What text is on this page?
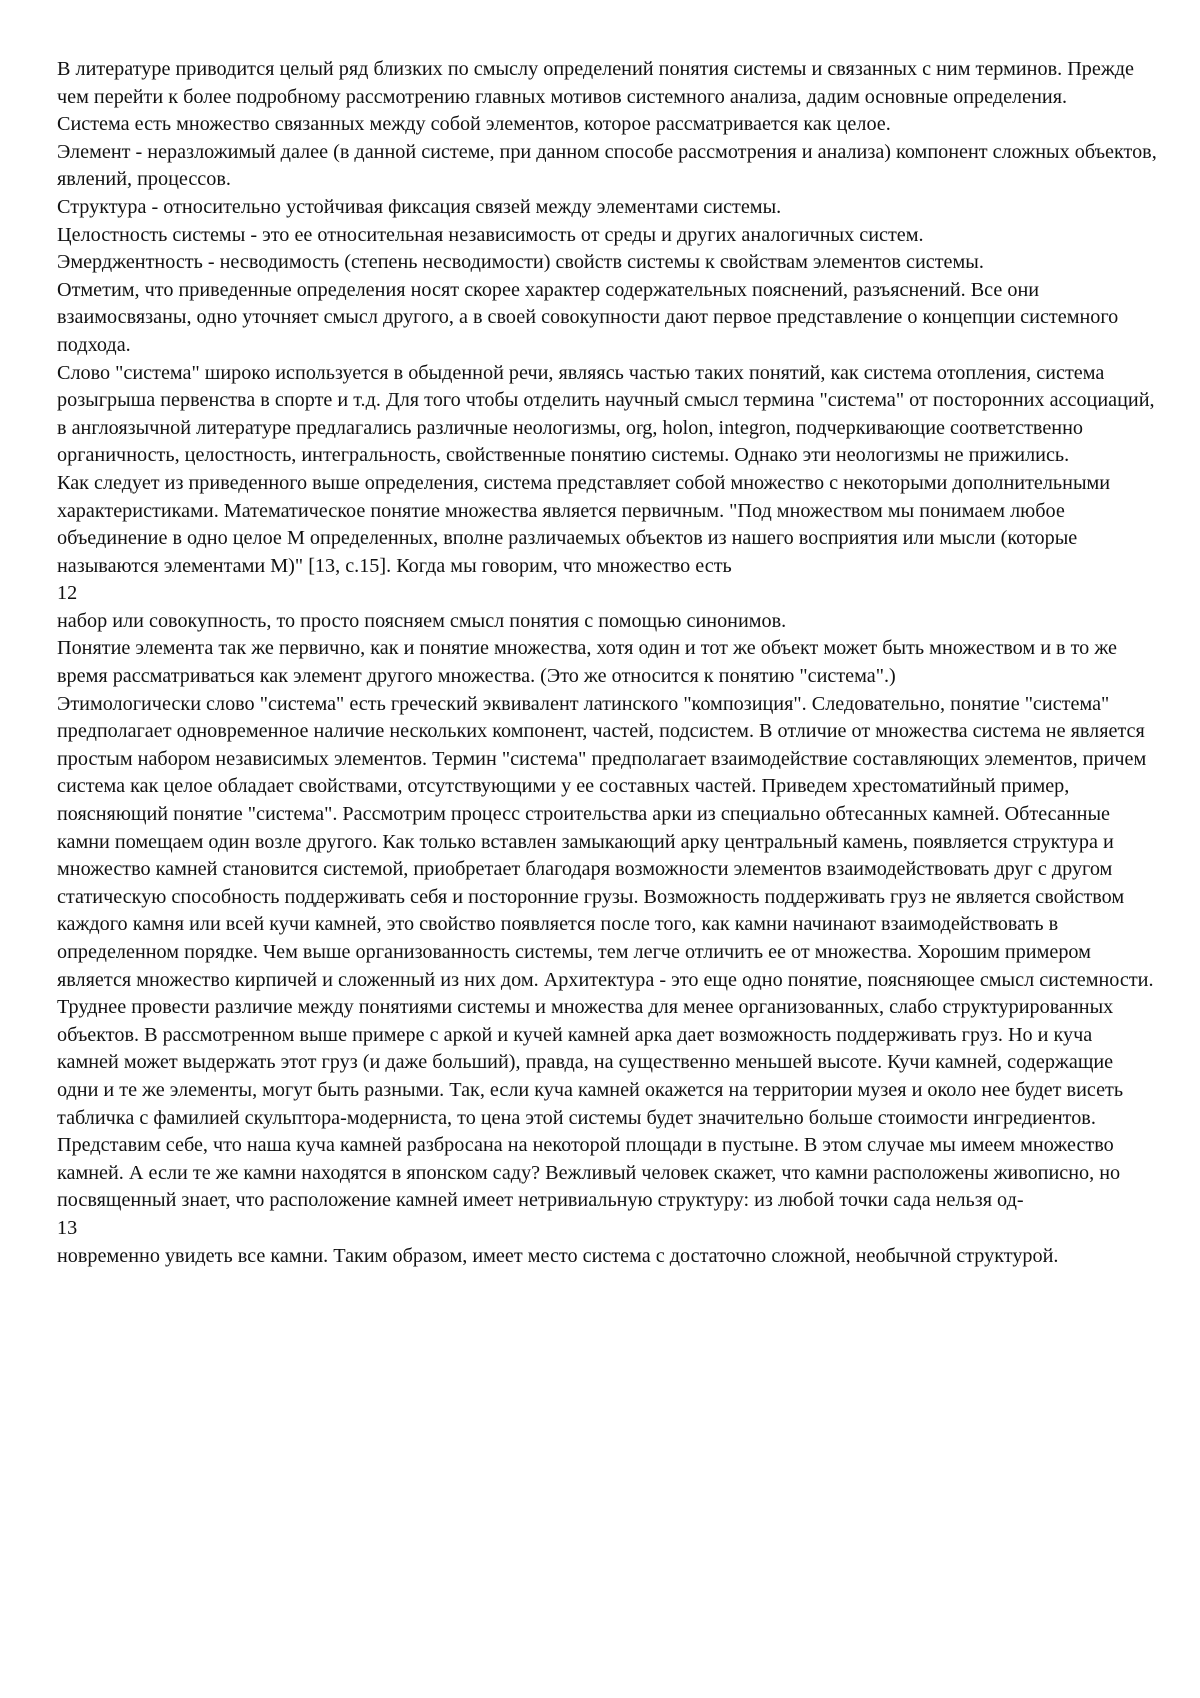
В литературе приводится целый ряд близких по смыслу определений понятия системы и связанных с ним терминов. Прежде чем перейти к более подробному рассмотрению главных мотивов системного анализа, дадим основные определения.

Система есть множество связанных между собой элементов, которое рассматривается как целое.

Элемент - неразложимый далее (в данной системе, при данном способе рассмотрения и анализа) компонент сложных объектов, явлений, процессов.

Структура - относительно устойчивая фиксация связей между элементами системы.

Целостность системы - это ее относительная независимость от среды и других аналогичных систем.

Эмерджентность - несводимость (степень несводимости) свойств системы к свойствам элементов системы.

Отметим, что приведенные определения носят скорее характер содержательных пояснений, разъяснений. Все они взаимосвязаны, одно уточняет смысл другого, а в своей совокупности дают первое представление о концепции системного подхода.

Слово "система" широко используется в обыденной речи, являясь частью таких понятий, как система отопления, система розыгрыша первенства в спорте и т.д. Для того чтобы отделить научный смысл термина "система" от посторонних ассоциаций, в англоязычной литературе предлагались различные неологизмы, org, holon, integron, подчеркивающие соответственно органичность, целостность, интегральность, свойственные понятию системы. Однако эти неологизмы не прижились.

Как следует из приведенного выше определения, система представляет собой множество с некоторыми дополнительными характеристиками. Математическое понятие множества является первичным. "Под множеством мы понимаем любое объединение в одно целое M определенных, вполне различаемых объектов из нашего восприятия или мысли (которые называются элементами M)" [13, с.15]. Когда мы говорим, что множество есть

12

набор или совокупность, то просто поясняем смысл понятия с помощью синонимов.

Понятие элемента так же первично, как и понятие множества, хотя один и тот же объект может быть множеством и в то же время рассматриваться как элемент другого множества. (Это же относится к понятию "система".)

Этимологически слово "система" есть греческий эквивалент латинского "композиция". Следовательно, понятие "система" предполагает одновременное наличие нескольких компонент, частей, подсистем. В отличие от множества система не является простым набором независимых элементов. Термин "система" предполагает взаимодействие составляющих элементов, причем система как целое обладает свойствами, отсутствующими у ее составных частей. Приведем хрестоматийный пример, поясняющий понятие "система". Рассмотрим процесс строительства арки из специально обтесанных камней. Обтесанные камни помещаем один возле другого. Как только вставлен замыкающий арку центральный камень, появляется структура и множество камней становится системой, приобретает благодаря возможности элементов взаимодействовать друг с другом статическую способность поддерживать себя и посторонние грузы. Возможность поддерживать груз не является свойством каждого камня или всей кучи камней, это свойство появляется после того, как камни начинают взаимодействовать в определенном порядке. Чем выше организованность системы, тем легче отличить ее от множества. Хорошим примером является множество кирпичей и сложенный из них дом. Архитектура - это еще одно понятие, поясняющее смысл системности.

Труднее провести различие между понятиями системы и множества для менее организованных, слабо структурированных объектов. В рассмотренном выше примере с аркой и кучей камней арка дает возможность поддерживать груз. Но и куча камней может выдержать этот груз (и даже больший), правда, на существенно меньшей высоте. Кучи камней, содержащие одни и те же элементы, могут быть разными. Так, если куча камней окажется на территории музея и около нее будет висеть табличка с фамилией скульптора-модерниста, то цена этой системы будет значительно больше стоимости ингредиентов. Представим себе, что наша куча камней разбросана на некоторой площади в пустыне. В этом случае мы имеем множество камней. А если те же камни находятся в японском саду? Вежливый человек скажет, что камни расположены живописно, но посвященный знает, что расположение камней имеет нетривиальную структуру: из любой точки сада нельзя од-

13

новременно увидеть все камни. Таким образом, имеет место система с достаточно сложной, необычной структурой.
